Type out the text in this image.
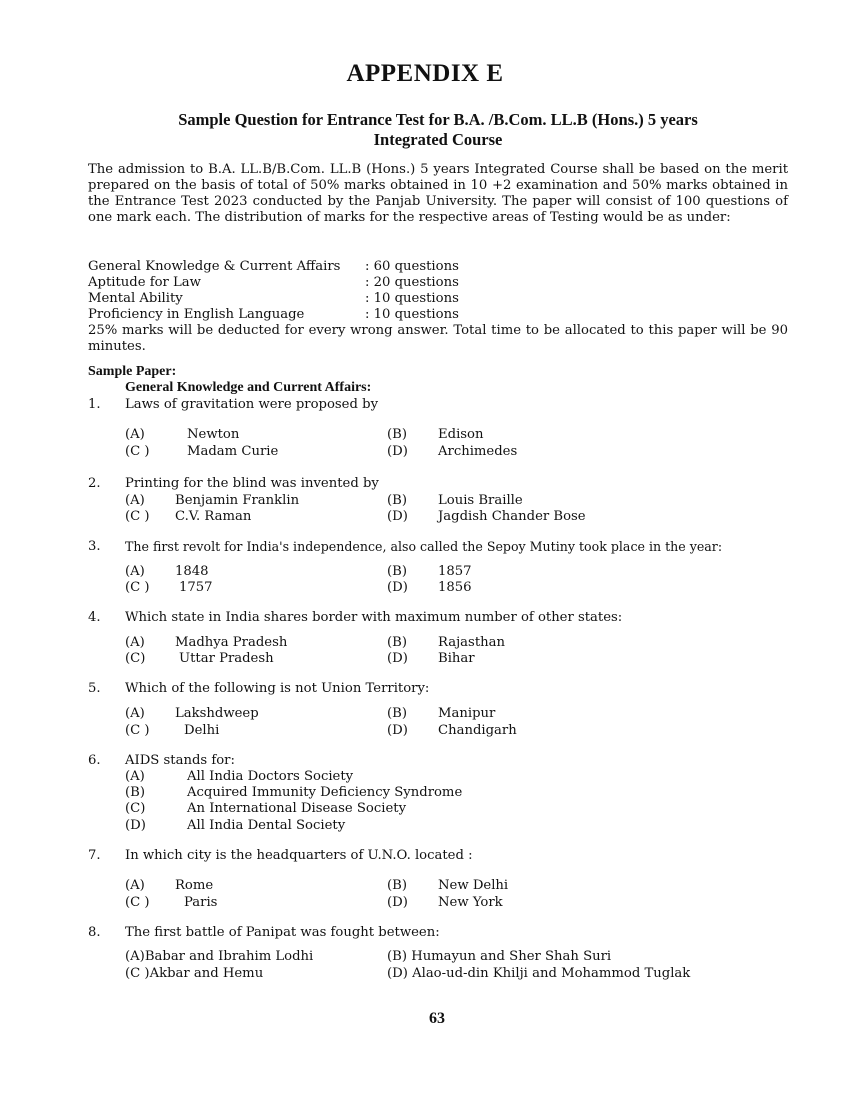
APPENDIX E
Sample Question for Entrance Test for B.A. /B.Com. LL.B (Hons.) 5 years
Integrated Course
The admission to B.A. LL.B/B.Com. LL.B (Hons.) 5 years Integrated Course shall be based on the merit prepared on the basis of total of 50% marks obtained in 10 +2 examination and 50% marks obtained in the Entrance Test 2023 conducted by the Panjab University. The paper will consist of 100 questions of one mark each. The distribution of marks for the respective areas of Testing would be as under:
General Knowledge & Current Affairs : 60 questions
Aptitude for Law	: 20 questions
Mental Ability	: 10 questions
Proficiency in English Language	: 10 questions
25% marks will be deducted for every wrong answer. Total time to be allocated to this paper will be 90 minutes.
Sample Paper:
General Knowledge and Current Affairs:
1. Laws of gravitation were proposed by
(A)	Newton	(B) Edison
(C )	Madam Curie	(D) Archimedes
2. Printing for the blind was invented by
(A) Benjamin Franklin	(B) Louis Braille
(C ) C.V. Raman	(D) Jagdish Chander Bose
3. The first revolt for India's independence, also called the Sepoy Mutiny took place in the year:
(A) 1848	(B) 1857
(C ) 1757	(D) 1856
4. Which state in India shares border with maximum number of other states:
(A) Madhya Pradesh	(B) Rajasthan
(C)	Uttar Pradesh	(D) Bihar
5. Which of the following is not Union Territory:
(A) Lakshdweep	(B) Manipur
(C )	Delhi	(D) Chandigarh
6. AIDS stands for:
(A)	All India Doctors Society
(B)	Acquired Immunity Deficiency Syndrome
(C)	An International Disease Society
(D)	All India Dental Society
7. In which city is the headquarters of U.N.O. located :
(A) Rome	(B) New Delhi
(C )	Paris	(D) New York
8. The first battle of Panipat was fought between:
(A)Babar and Ibrahim Lodhi	(B) Humayun and Sher Shah Suri
(C )Akbar and Hemu	(D) Alao-ud-din Khilji and Mohammod Tuglak
63
